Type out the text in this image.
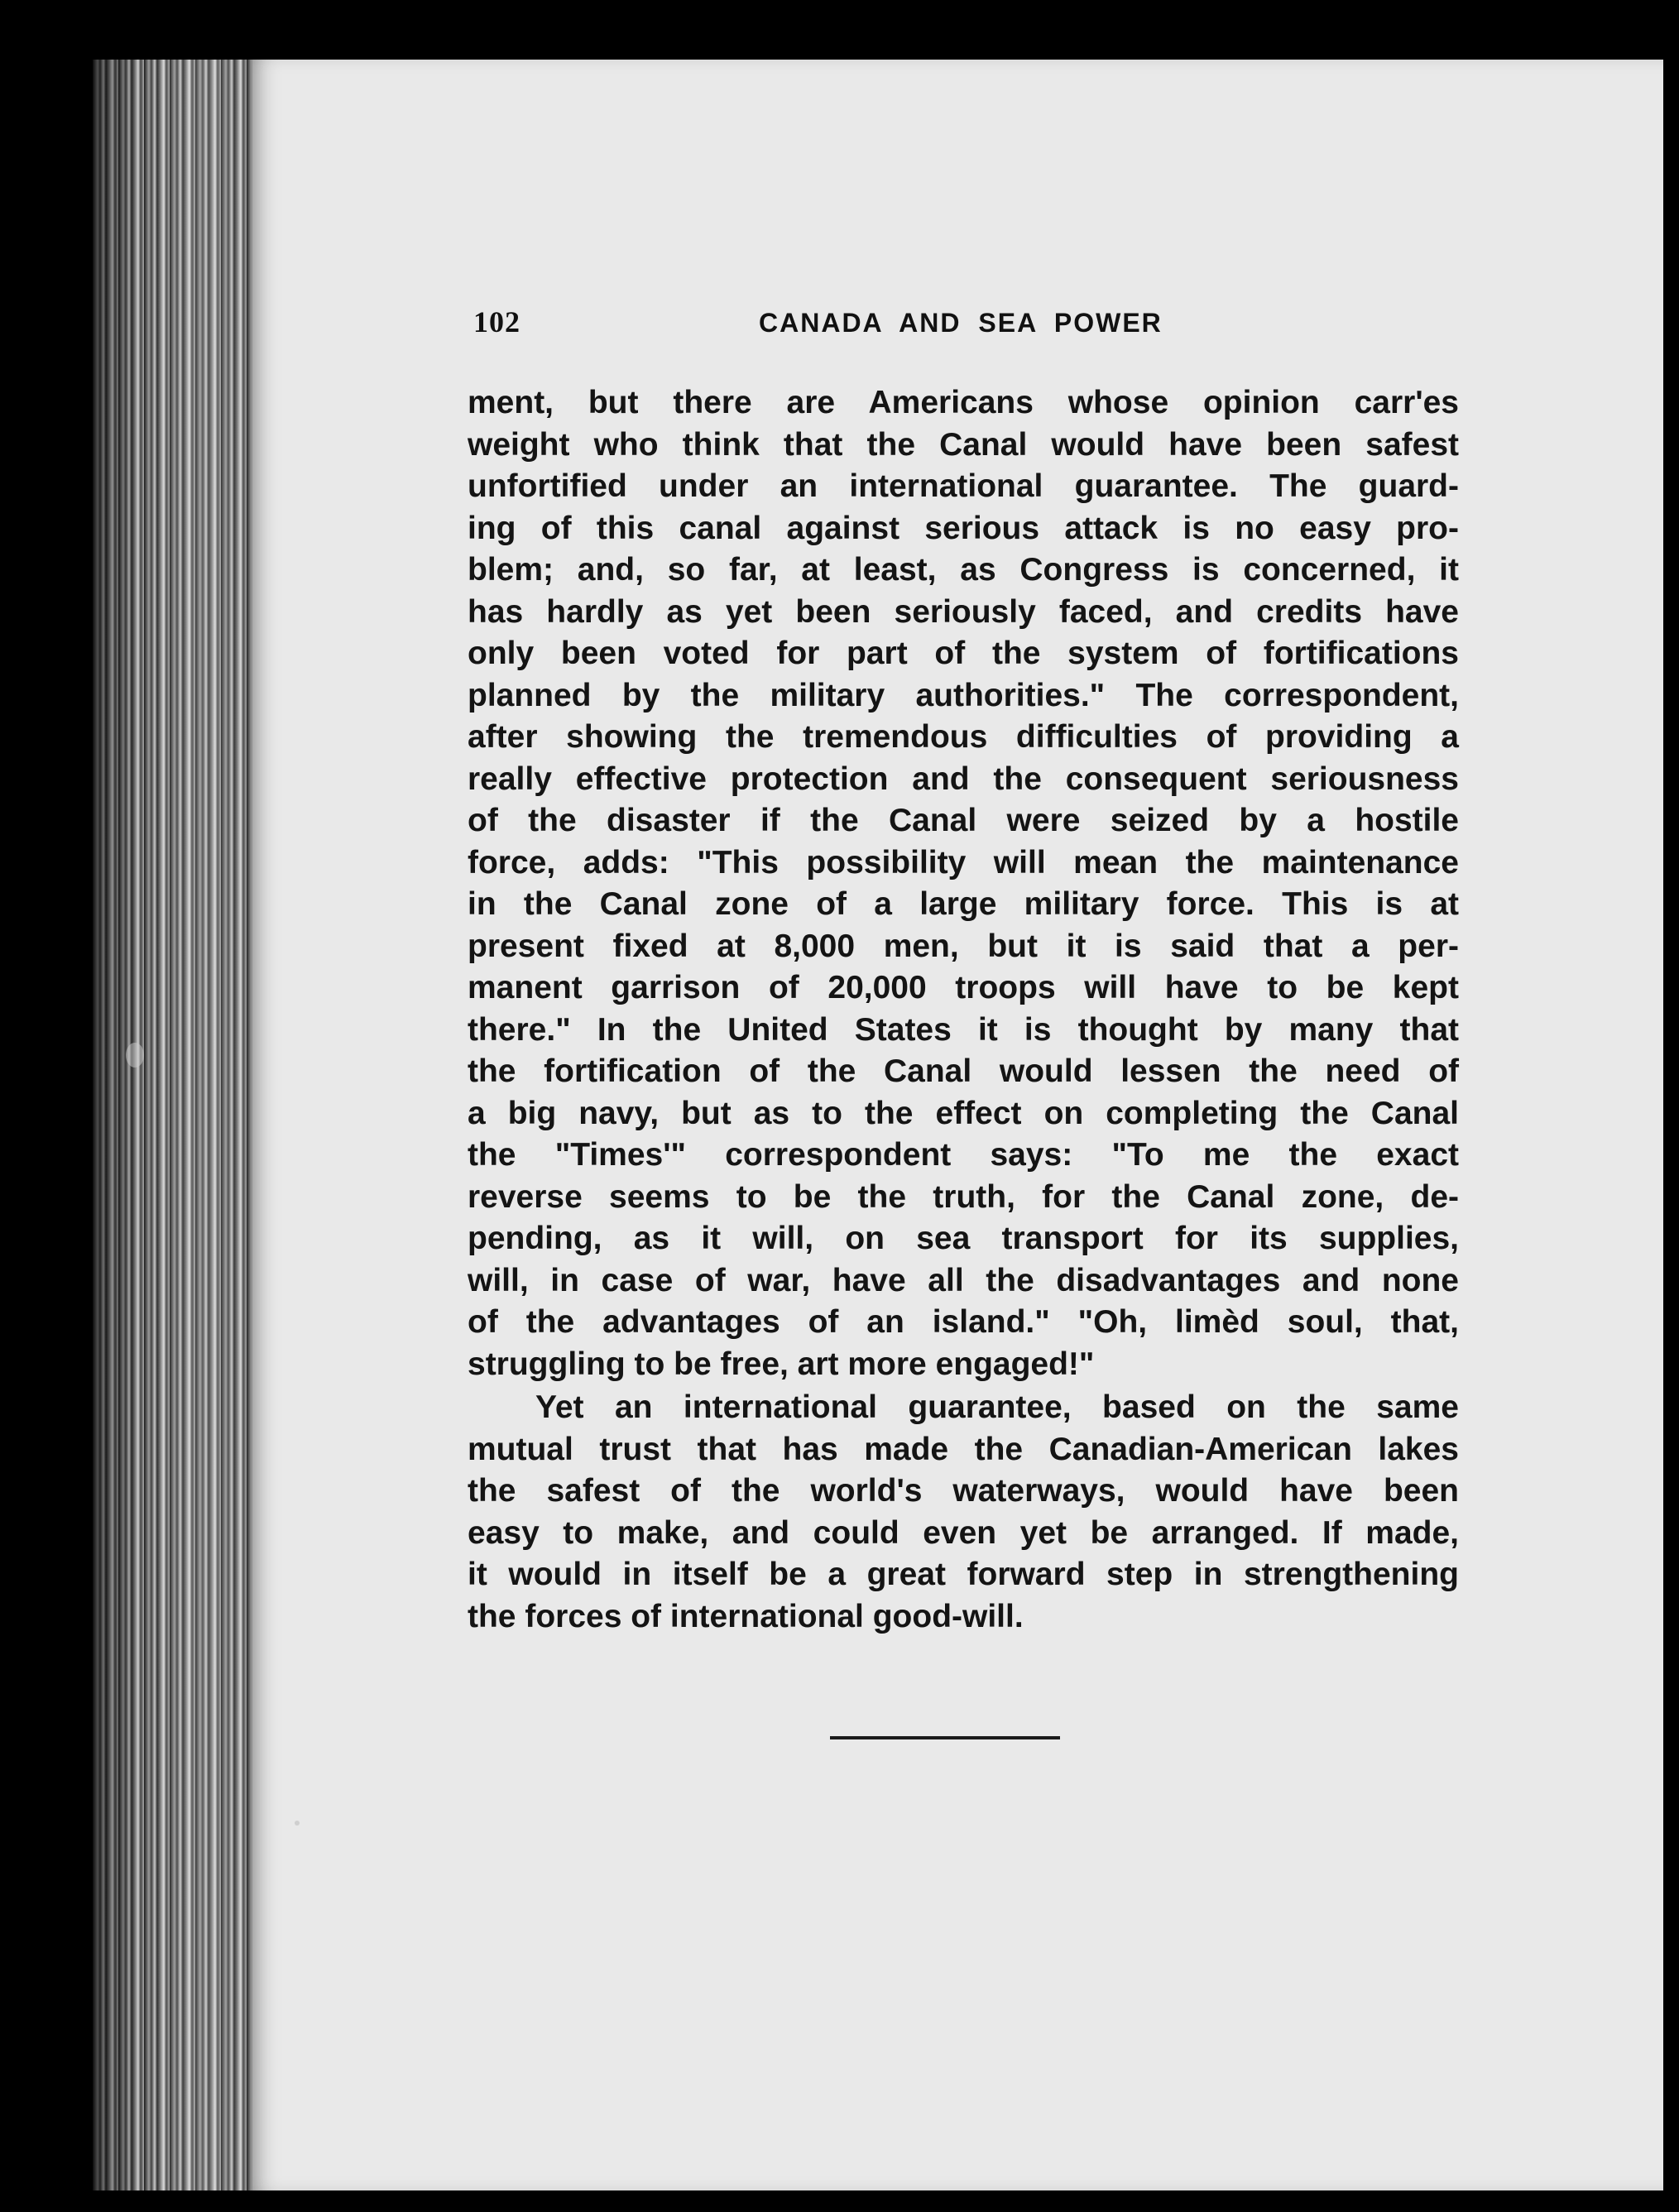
102	CANADA AND SEA POWER
ment, but there are Americans whose opinion carr'es
weight who think that the Canal would have been safest
unfortified under an international guarantee. The guard-
ing of this canal against serious attack is no easy pro-
blem; and, so far, at least, as Congress is concerned, it
has hardly as yet been seriously faced, and credits have
only been voted for part of the system of fortifications
planned by the military authorities." The correspondent,
after showing the tremendous difficulties of providing a
really effective protection and the consequent seriousness
of the disaster if the Canal were seized by a hostile
force, adds: "This possibility will mean the maintenance
in the Canal zone of a large military force. This is at
present fixed at 8,000 men, but it is said that a per-
manent garrison of 20,000 troops will have to be kept
there." In the United States it is thought by many that
the fortification of the Canal would lessen the need of
a big navy, but as to the effect on completing the Canal
the "Times'" correspondent says: "To me the exact
reverse seems to be the truth, for the Canal zone, de-
pending, as it will, on sea transport for its supplies,
will, in case of war, have all the disadvantages and none
of the advantages of an island." "Oh, limèd soul, that,
struggling to be free, art more engaged!"
Yet an international guarantee, based on the same
mutual trust that has made the Canadian-American lakes
the safest of the world's waterways, would have been
easy to make, and could even yet be arranged. If made,
it would in itself be a great forward step in strengthening
the forces of international good-will.
